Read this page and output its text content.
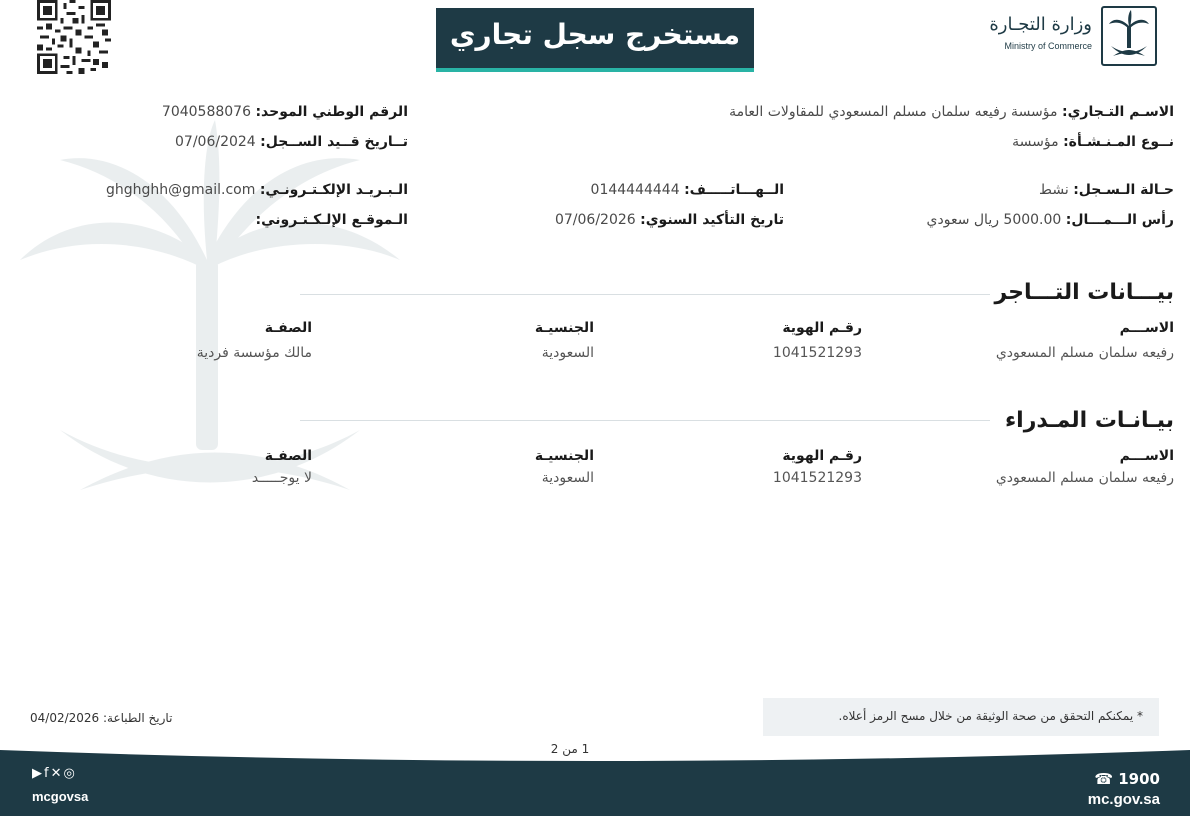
مستخرج سجل تجاري	وزارة التجـارة
Ministry of Commerce
الاسـم التـجاري: مؤسسة رفيعه سلمان مسلم المسعودي للمقاولات العامة
نــوع المـنـشـأة: مؤسسة
حـالة الـسـجل: نشط
رأس الـــمـــال: 5000.00 ريال سعودي
الــهـــاتـــــف: 0144444444
تاريخ التأكيد السنوي: 07/06/2026
الرقم الوطني الموحد: 7040588076
تــاريخ قــيد الســجل: 07/06/2024
الـبـريـد الإلكـتـرونـي: ghghghh@gmail.com
الـموقـع الإلـكـتـروني:
بيـــانات التـــاجر
الاســـم
رقـم الهوية
الجنسيـة
الصفـة
رفيعه سلمان مسلم المسعودي
1041521293
السعودية
مالك مؤسسة فردية
بيـانـات المـدراء
الاســـم
رقـم الهوية
الجنسيـة
الصفـة
رفيعه سلمان مسلم المسعودي
1041521293
السعودية
لا يوجـــــد
* يمكنكم التحقق من صحة الوثيقة من خلال مسح الرمز أعلاه.
تاريخ الطباعة: 04/02/2026
1 من 2
▶f✕◎
mcgovsa
☎ 1900
mc.gov.sa
